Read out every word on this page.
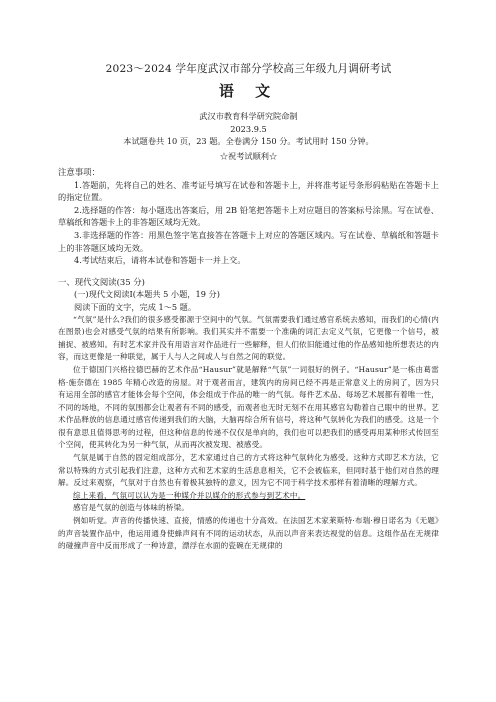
2023～2024 学年度武汉市部分学校高三年级九月调研考试

语 文

武汉市教育科学研究院命制

2023.9.5

本试题卷共 10 页，23 题。全卷满分 150 分。考试用时 150 分钟。

☆祝考试顺利☆

注意事项：

1.答题前，先将自己的姓名、准考证号填写在试卷和答题卡上，并将准考证号条形码粘贴在答题卡上的指定位置。

2.选择题的作答：每小题选出答案后，用 2B 铅笔把答题卡上对应题目的答案标号涂黑。写在试卷、草稿纸和答题卡上的非答题区域均无效。

3.非选择题的作答：用黑色签字笔直接答在答题卡上对应的答题区域内。写在试卷、草稿纸和答题卡上的非答题区域均无效。

4.考试结束后，请将本试卷和答题卡一并上交。

一、现代文阅读(35 分)

(一)现代文阅读Ⅰ(本题共 5 小题，19 分)

阅读下面的文字，完成 1～5 题。

“气氛”是什么?我们的很多感受都源于空间中的气氛。气氛需要我们通过感官系统去感知，而我们的心情(内在图景)也会对感受气氛的结果有所影响。我们其实并不需要一个准确的词汇去定义气氛，它更像一个信号，被捕捉、被感知。有时艺术家并没有用语言对作品进行一些解释，但人们依旧能通过他的作品感知他所想表达的内容，而这更像是一种联觉，属于人与人之间或人与自然之间的联觉。

位于德国门兴格拉德巴赫的艺术作品“Hausur”就是解释“气氛”一词很好的例子。“Hausur”是一栋由葛雷格·施奈德在 1985 年精心改造的房屋。对于观者而言，建筑内的房间已经不再是正常意义上的房间了，因为只有运用全部的感官才能体会每个空间，体会组成于作品的唯一的气氛。每件艺术品、每场艺术展都有着唯一性，不同的场地，不同的氛围都会让观者有不同的感受，而观者也无时无刻不在用其感官勾勒着自己眼中的世界。艺术作品释放的信息通过感官传递到我们的大脑，大脑再综合所有信号，将这种气氛转化为我们的感受。这是一个很有意思且值得思考的过程，但这种信息的传递不仅仅是单向的，我们也可以把我们的感受再用某种形式传回至个空间，使其转化为另一种气氛，从而再次被发现、被感受。

气氛是属于自然的固定组成部分，艺术家通过自己的方式将这种气氛转化为感受。这种方式即艺术方法，它常以特殊的方式引起我们注意，这种方式和艺术家的生活息息相关，它不会被临来，但同时基于他们对自然的理解。反过来观察，气氛对于自然也有着极其独特的意义，因为它不同于科学技术那样有着清晰的理解方式。

综上来看，气氛可以认为是一种媒介并以媒介的形式参与到艺术中。

感官是气氛的创造与体味的桥梁。

例如听觉。声音的传播快速、直接，情感的传递也十分高效。在法国艺术家莱斯特·布瑞·穆日诺名为《无题》的声音装置作品中，他运用通身使蜂声间有不同的运动状态，从而以声音来表达视觉的信息。这组作品在无规律的碰撞声音中反而形成了一种诗意，漂浮在水面的瓷碗在无规律的
